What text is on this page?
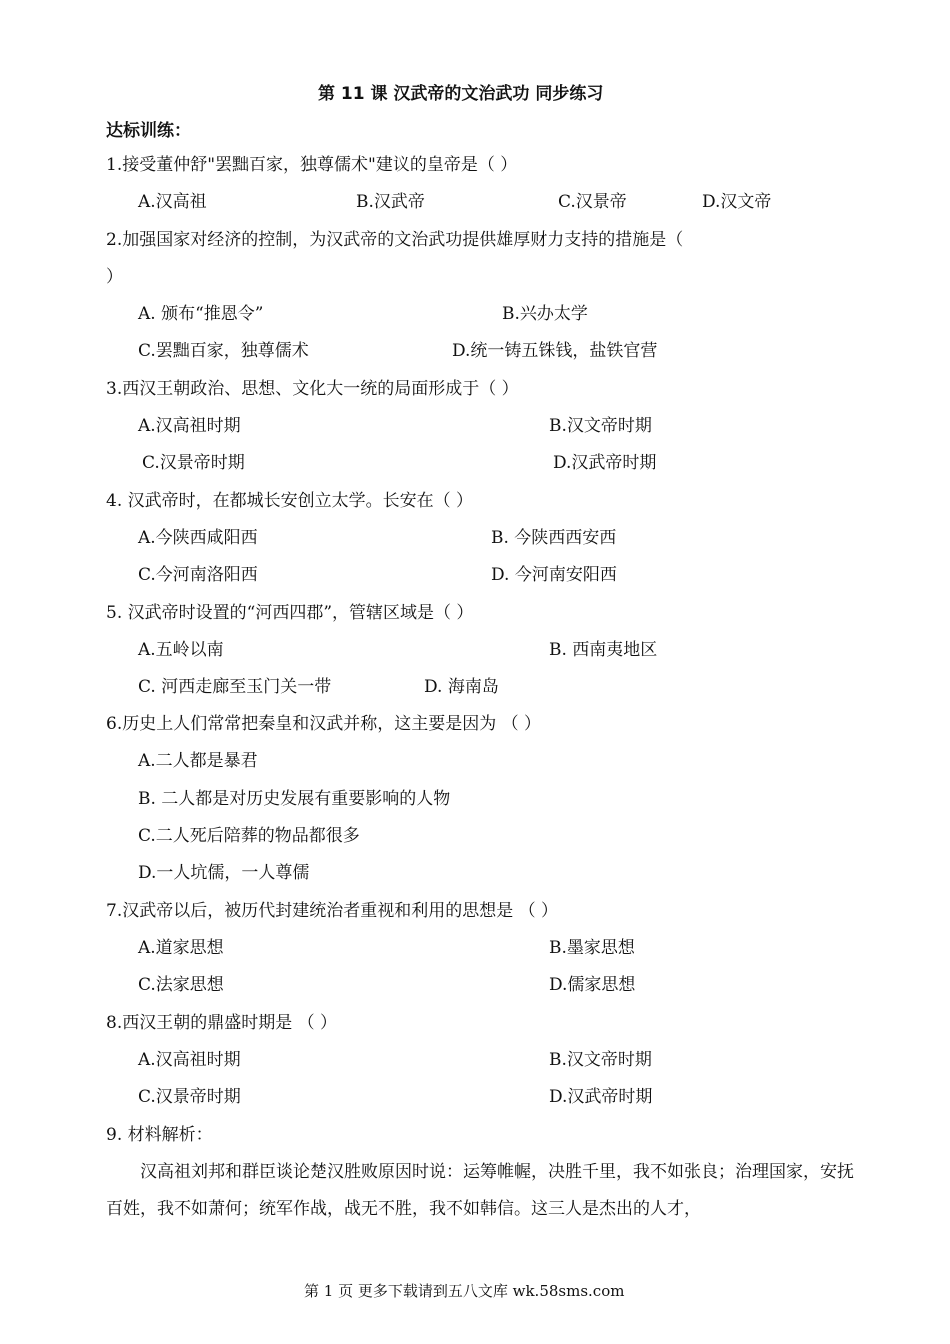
第 11 课 汉武帝的文治武功 同步练习
达标训练：
1.接受董仲舒"罢黜百家，独尊儒术"建议的皇帝是（ ）
A.汉高祖	B.汉武帝	C.汉景帝	D.汉文帝
2.加强国家对经济的控制，为汉武帝的文治武功提供雄厚财力支持的措施是（
）
A. 颁布“推恩令”	B.兴办太学
C.罢黜百家，独尊儒术	D.统一铸五铢钱，盐铁官营
3.西汉王朝政治、思想、文化大一统的局面形成于（ ）
A.汉高祖时期	B.汉文帝时期
C.汉景帝时期	D.汉武帝时期
4. 汉武帝时，在都城长安创立太学。长安在（ ）
A.今陕西咸阳西	B. 今陕西西安西
C.今河南洛阳西	D. 今河南安阳西
5. 汉武帝时设置的“河西四郡”，管辖区域是（ ）
A.五岭以南	B. 西南夷地区
C. 河西走廊至玉门关一带	D. 海南岛
6.历史上人们常常把秦皇和汉武并称，这主要是因为 （ ）
A.二人都是暴君
B. 二人都是对历史发展有重要影响的人物
C.二人死后陪葬的物品都很多
D.一人坑儒，一人尊儒
7.汉武帝以后，被历代封建统治者重视和利用的思想是 （ ）
A.道家思想	B.墨家思想
C.法家思想	D.儒家思想
8.西汉王朝的鼎盛时期是 （ ）
A.汉高祖时期	B.汉文帝时期
C.汉景帝时期	D.汉武帝时期
9. 材料解析：
汉高祖刘邦和群臣谈论楚汉胜败原因时说：运筹帷幄，决胜千里，我不如张良；治理国家，安抚百姓，我不如萧何；统军作战，战无不胜，我不如韩信。这三人是杰出的人才，
第 1 页 更多下载请到五八文库 wk.58sms.com
